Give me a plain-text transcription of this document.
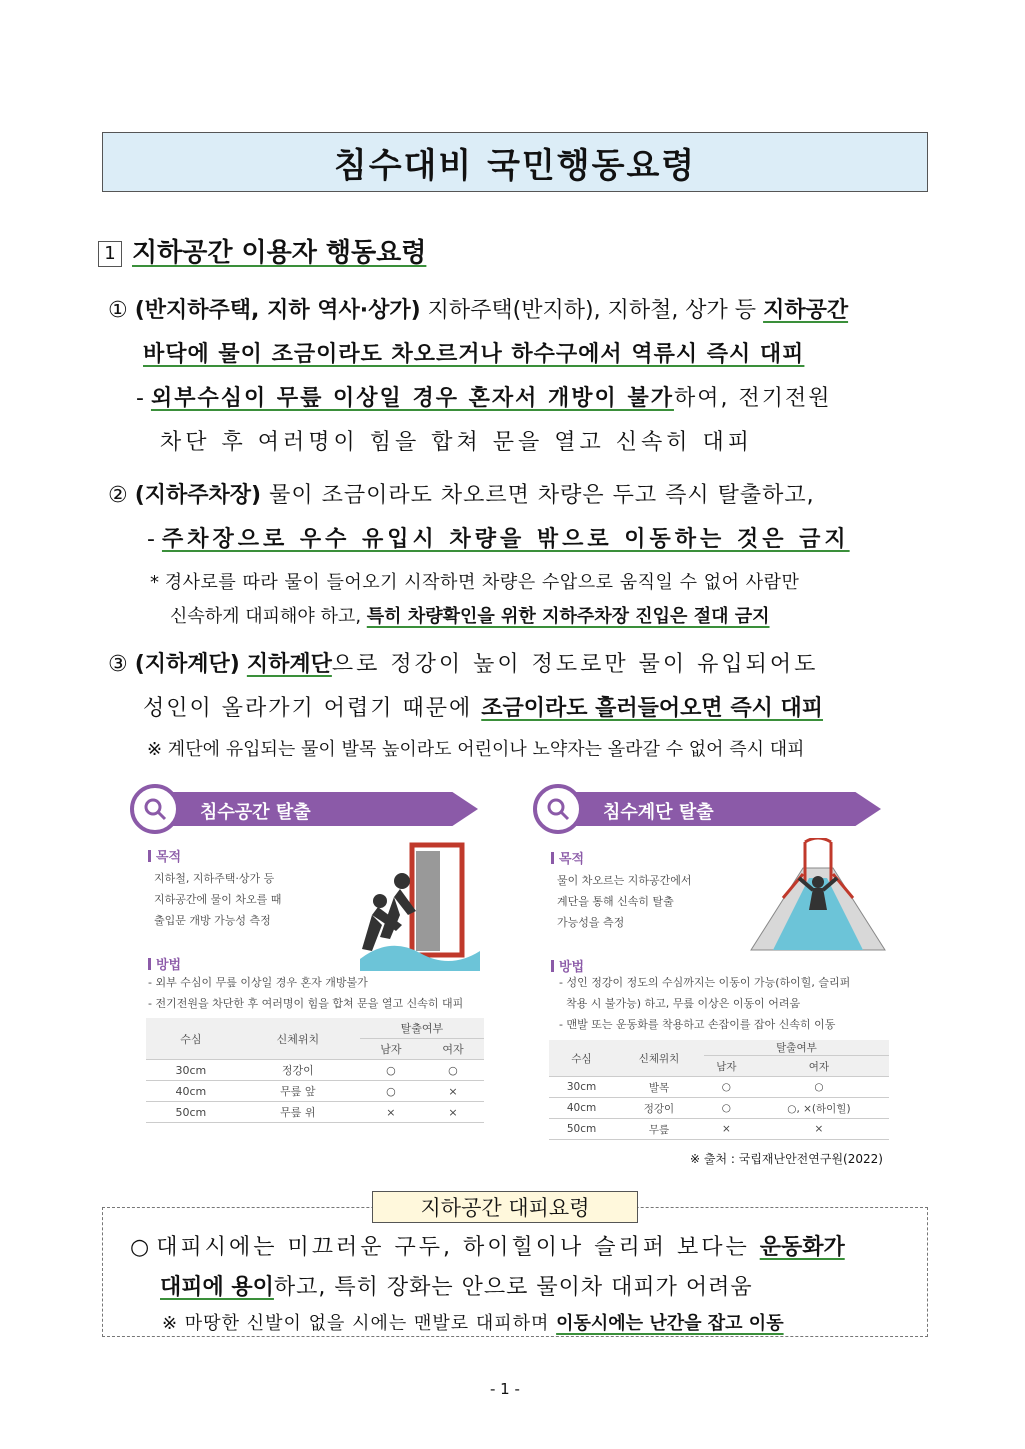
침수대비 국민행동요령
1 지하공간 이용자 행동요령
① (반지하주택, 지하 역사·상가) 지하주택(반지하), 지하철, 상가 등 지하공간
바닥에 물이 조금이라도 차오르거나 하수구에서 역류시 즉시 대피
- 외부수심이 무릎 이상일 경우 혼자서 개방이 불가하여, 전기전원
차단 후 여러명이 힘을 합쳐 문을 열고 신속히 대피
② (지하주차장) 물이 조금이라도 차오르면 차량은 두고 즉시 탈출하고,
- 주차장으로 우수 유입시 차량을 밖으로 이동하는 것은 금지
* 경사로를 따라 물이 들어오기 시작하면 차량은 수압으로 움직일 수 없어 사람만
신속하게 대피해야 하고, 특히 차량확인을 위한 지하주차장 진입은 절대 금지
③ (지하계단) 지하계단으로 정강이 높이 정도로만 물이 유입되어도
성인이 올라가기 어렵기 때문에 조금이라도 흘러들어오면 즉시 대피
※ 계단에 유입되는 물이 발목 높이라도 어린이나 노약자는 올라갈 수 없어 즉시 대피
침수공간 탈출
목적
지하철, 지하주택·상가 등
지하공간에 물이 차오를 때
출입문 개방 가능성 측정
방법
- 외부 수심이 무릎 이상일 경우 혼자 개방불가
- 전기전원을 차단한 후 여러명이 힘을 합쳐 문을 열고 신속히 대피
수심	신체위치	탈출여부	
		남자	여자
30cm	정강이	○	○
40cm	무릎 앞	○	×
50cm	무릎 위	×	×
침수계단 탈출
목적
물이 차오르는 지하공간에서
계단을 통해 신속히 탈출
가능성을 측정
방법
- 성인 정강이 정도의 수심까지는 이동이 가능(하이힐, 슬리퍼
착용 시 불가능) 하고, 무릎 이상은 이동이 어려움
- 맨발 또는 운동화를 착용하고 손잡이를 잡아 신속히 이동
수심	신체위치	탈출여부	
		남자	여자
30cm	발목	○	○
40cm	정강이	○	○, ×(하이힐)
50cm	무릎	×	×
※ 출처 : 국립재난안전연구원(2022)
지하공간 대피요령
○ 대피시에는 미끄러운 구두, 하이힐이나 슬리퍼 보다는 운동화가
대피에 용이하고, 특히 장화는 안으로 물이차 대피가 어려움
※ 마땅한 신발이 없을 시에는 맨발로 대피하며 이동시에는 난간을 잡고 이동
- 1 -
